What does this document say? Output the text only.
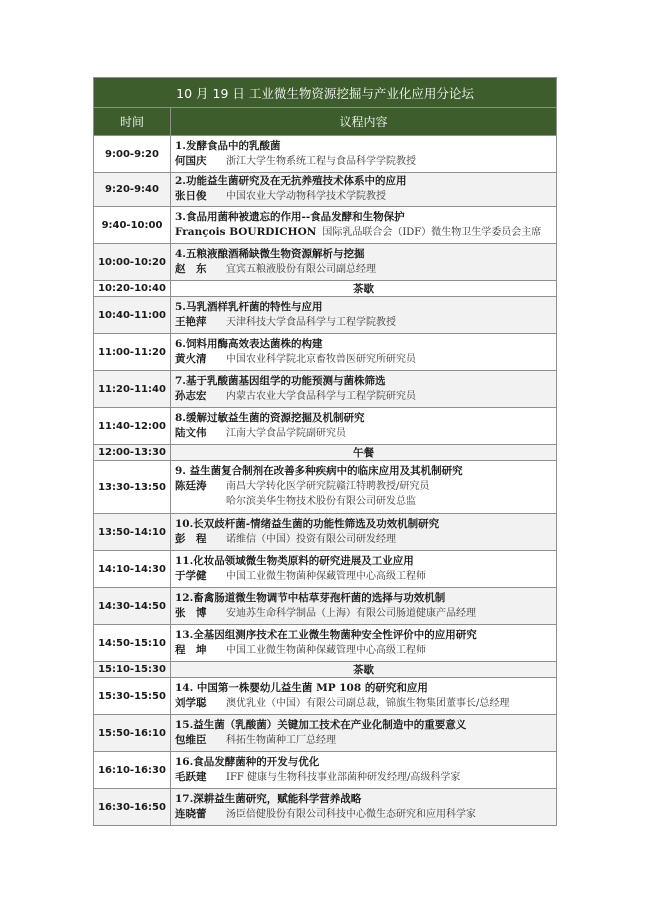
10 月 19 日 工业微生物资源挖掘与产业化应用分论坛	
时间	议程内容
9:00-9:20	1.发酵食品中的乳酸菌
何国庆 浙江大学生物系统工程与食品科学学院教授

9:20-9:40	2.功能益生菌研究及在无抗养殖技术体系中的应用
张日俊 中国农业大学动物科学技术学院教授

9:40-10:00	3.食品用菌种被遗忘的作用--食品发酵和生物保护
François BOURDICHON 国际乳品联合会（IDF）微生物卫生学委员会主席

10:00-10:20	4.五粮液酿酒稀缺微生物资源解析与挖掘
赵　东 宜宾五粮液股份有限公司副总经理

10:20-10:40	茶歇
10:40-11:00	5.马乳酒样乳杆菌的特性与应用
王艳萍 天津科技大学食品科学与工程学院教授

11:00-11:20	6.饲料用酶高效表达菌株的构建
黄火清 中国农业科学院北京畜牧兽医研究所研究员

11:20-11:40	7.基于乳酸菌基因组学的功能预测与菌株筛选
孙志宏 内蒙古农业大学食品科学与工程学院研究员

11:40-12:00	8.缓解过敏益生菌的资源挖掘及机制研究
陆文伟 江南大学食品学院副研究员

12:00-13:30	午餐
13:30-13:50	9. 益生菌复合制剂在改善多种疾病中的临床应用及其机制研究
陈廷涛 南昌大学转化医学研究院赣江特聘教授/研究员
哈尔滨美华生物技术股份有限公司研发总监

13:50-14:10	10.长双歧杆菌-情绪益生菌的功能性筛选及功效机制研究
彭　程 诺维信（中国）投资有限公司研发经理

14:10-14:30	11.化妆品领域微生物类原料的研究进展及工业应用
于学健 中国工业微生物菌种保藏管理中心高级工程师

14:30-14:50	12.畜禽肠道微生物调节中枯草芽孢杆菌的选择与功效机制
张　博 安迪苏生命科学制品（上海）有限公司肠道健康产品经理

14:50-15:10	13.全基因组测序技术在工业微生物菌种安全性评价中的应用研究
程　坤 中国工业微生物菌种保藏管理中心高级工程师

15:10-15:30	茶歇
15:30-15:50	14. 中国第一株婴幼儿益生菌 MP 108 的研究和应用
刘学聪 澳优乳业（中国）有限公司副总裁，锦旗生物集团董事长/总经理

15:50-16:10	15.益生菌（乳酸菌）关键加工技术在产业化制造中的重要意义
包维臣 科拓生物菌种工厂总经理

16:10-16:30	16.食品发酵菌种的开发与优化
毛跃建 IFF 健康与生物科技事业部菌种研发经理/高级科学家

16:30-16:50	17.深耕益生菌研究，赋能科学营养战略
连晓蕾 汤臣倍健股份有限公司科技中心微生态研究和应用科学家
